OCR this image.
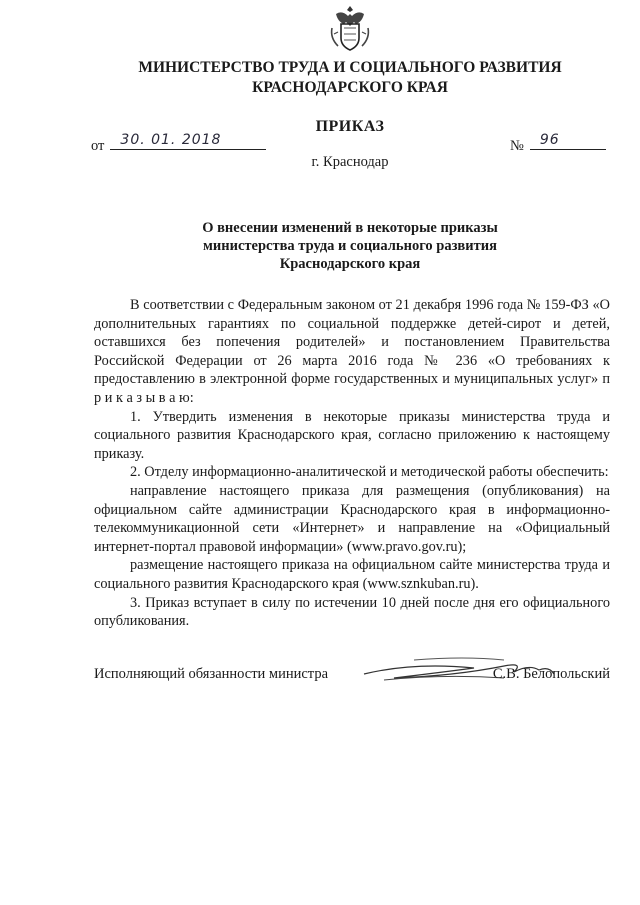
МИНИСТЕРСТВО ТРУДА И СОЦИАЛЬНОГО РАЗВИТИЯ
КРАСНОДАРСКОГО КРАЯ
ПРИКАЗ
от 30. 01. 2018	№ 96
г. Краснодар
О внесении изменений в некоторые приказы
министерства труда и социального развития
Краснодарского края

В соответствии с Федеральным законом от 21 декабря 1996 года № 159-ФЗ «О дополнительных гарантиях по социальной поддержке детей-сирот и детей, оставшихся без попечения родителей» и постановлением Правительства Российской Федерации от 26 марта 2016 года № 236 «О требованиях к предоставлению в электронной форме государственных и муниципальных услуг» п р и к а з ы в а ю:

1. Утвердить изменения в некоторые приказы министерства труда и социального развития Краснодарского края, согласно приложению к настоящему приказу.

2. Отделу информационно-аналитической и методической работы обеспечить:

направление настоящего приказа для размещения (опубликования) на официальном сайте администрации Краснодарского края в информационно-телекоммуникационной сети «Интернет» и направление на «Официальный интернет-портал правовой информации» (www.pravo.gov.ru);

размещение настоящего приказа на официальном сайте министерства труда и социального развития Краснодарского края (www.sznkuban.ru).

3. Приказ вступает в силу по истечении 10 дней после дня его официального опубликования.

Исполняющий обязанности министра	С.В. Белопольский
